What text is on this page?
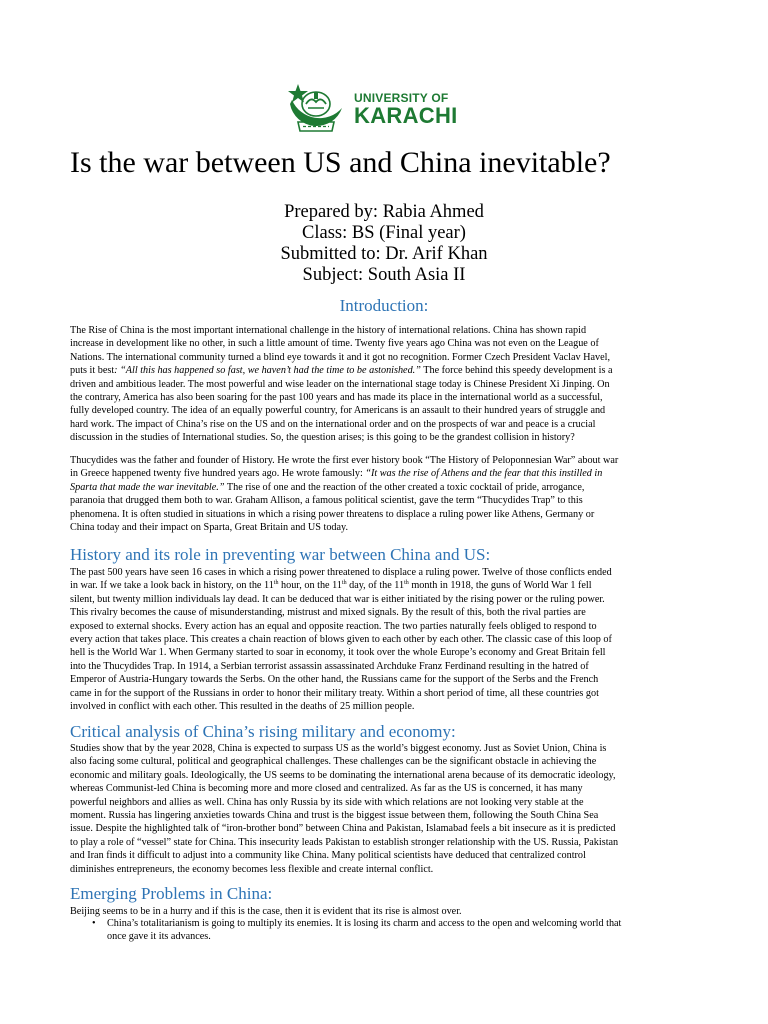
UNIVERSITY OF
KARACHI
Is the war between US and China inevitable?
Prepared by: Rabia Ahmed
Class: BS (Final year)
Submitted to: Dr. Arif Khan
Subject: South Asia II
Introduction:
The Rise of China is the most important international challenge in the history of international relations. China has shown rapid
increase in development like no other, in such a little amount of time. Twenty five years ago China was not even on the League of
Nations. The international community turned a blind eye towards it and it got no recognition. Former Czech President Vaclav Havel,
puts it best: “All this has happened so fast, we haven’t had the time to be astonished.” The force behind this speedy development is a
driven and ambitious leader. The most powerful and wise leader on the international stage today is Chinese President Xi Jinping. On
the contrary, America has also been soaring for the past 100 years and has made its place in the international world as a successful,
fully developed country. The idea of an equally powerful country, for Americans is an assault to their hundred years of struggle and
hard work. The impact of China’s rise on the US and on the international order and on the prospects of war and peace is a crucial
discussion in the studies of International studies. So, the question arises; is this going to be the grandest collision in history?
Thucydides was the father and founder of History. He wrote the first ever history book “The History of Peloponnesian War” about war
in Greece happened twenty five hundred years ago. He wrote famously: “It was the rise of Athens and the fear that this instilled in
Sparta that made the war inevitable.” The rise of one and the reaction of the other created a toxic cocktail of pride, arrogance,
paranoia that drugged them both to war. Graham Allison, a famous political scientist, gave the term “Thucydides Trap” to this
phenomena. It is often studied in situations in which a rising power threatens to displace a ruling power like Athens, Germany or
China today and their impact on Sparta, Great Britain and US today.
History and its role in preventing war between China and US:
The past 500 years have seen 16 cases in which a rising power threatened to displace a ruling power. Twelve of those conflicts ended
in war. If we take a look back in history, on the 11th hour, on the 11th day, of the 11th month in 1918, the guns of World War 1 fell
silent, but twenty million individuals lay dead. It can be deduced that war is either initiated by the rising power or the ruling power.
This rivalry becomes the cause of misunderstanding, mistrust and mixed signals. By the result of this, both the rival parties are
exposed to external shocks. Every action has an equal and opposite reaction. The two parties naturally feels obliged to respond to
every action that takes place. This creates a chain reaction of blows given to each other by each other. The classic case of this loop of
hell is the World War 1. When Germany started to soar in economy, it took over the whole Europe’s economy and Great Britain fell
into the Thucydides Trap. In 1914, a Serbian terrorist assassin assassinated Archduke Franz Ferdinand resulting in the hatred of
Emperor of Austria-Hungary towards the Serbs. On the other hand, the Russians came for the support of the Serbs and the French
came in for the support of the Russians in order to honor their military treaty. Within a short period of time, all these countries got
involved in conflict with each other. This resulted in the deaths of 25 million people.
Critical analysis of China’s rising military and economy:
Studies show that by the year 2028, China is expected to surpass US as the world’s biggest economy. Just as Soviet Union, China is
also facing some cultural, political and geographical challenges. These challenges can be the significant obstacle in achieving the
economic and military goals. Ideologically, the US seems to be dominating the international arena because of its democratic ideology,
whereas Communist-led China is becoming more and more closed and centralized. As far as the US is concerned, it has many
powerful neighbors and allies as well. China has only Russia by its side with which relations are not looking very stable at the
moment. Russia has lingering anxieties towards China and trust is the biggest issue between them, following the South China Sea
issue. Despite the highlighted talk of “iron-brother bond” between China and Pakistan, Islamabad feels a bit insecure as it is predicted
to play a role of “vessel” state for China. This insecurity leads Pakistan to establish stronger relationship with the US. Russia, Pakistan
and Iran finds it difficult to adjust into a community like China. Many political scientists have deduced that centralized control
diminishes entrepreneurs, the economy becomes less flexible and create internal conflict.
Emerging Problems in China:
Beijing seems to be in a hurry and if this is the case, then it is evident that its rise is almost over.
• China’s totalitarianism is going to multiply its enemies. It is losing its charm and access to the open and welcoming world that
once gave it its advances.
